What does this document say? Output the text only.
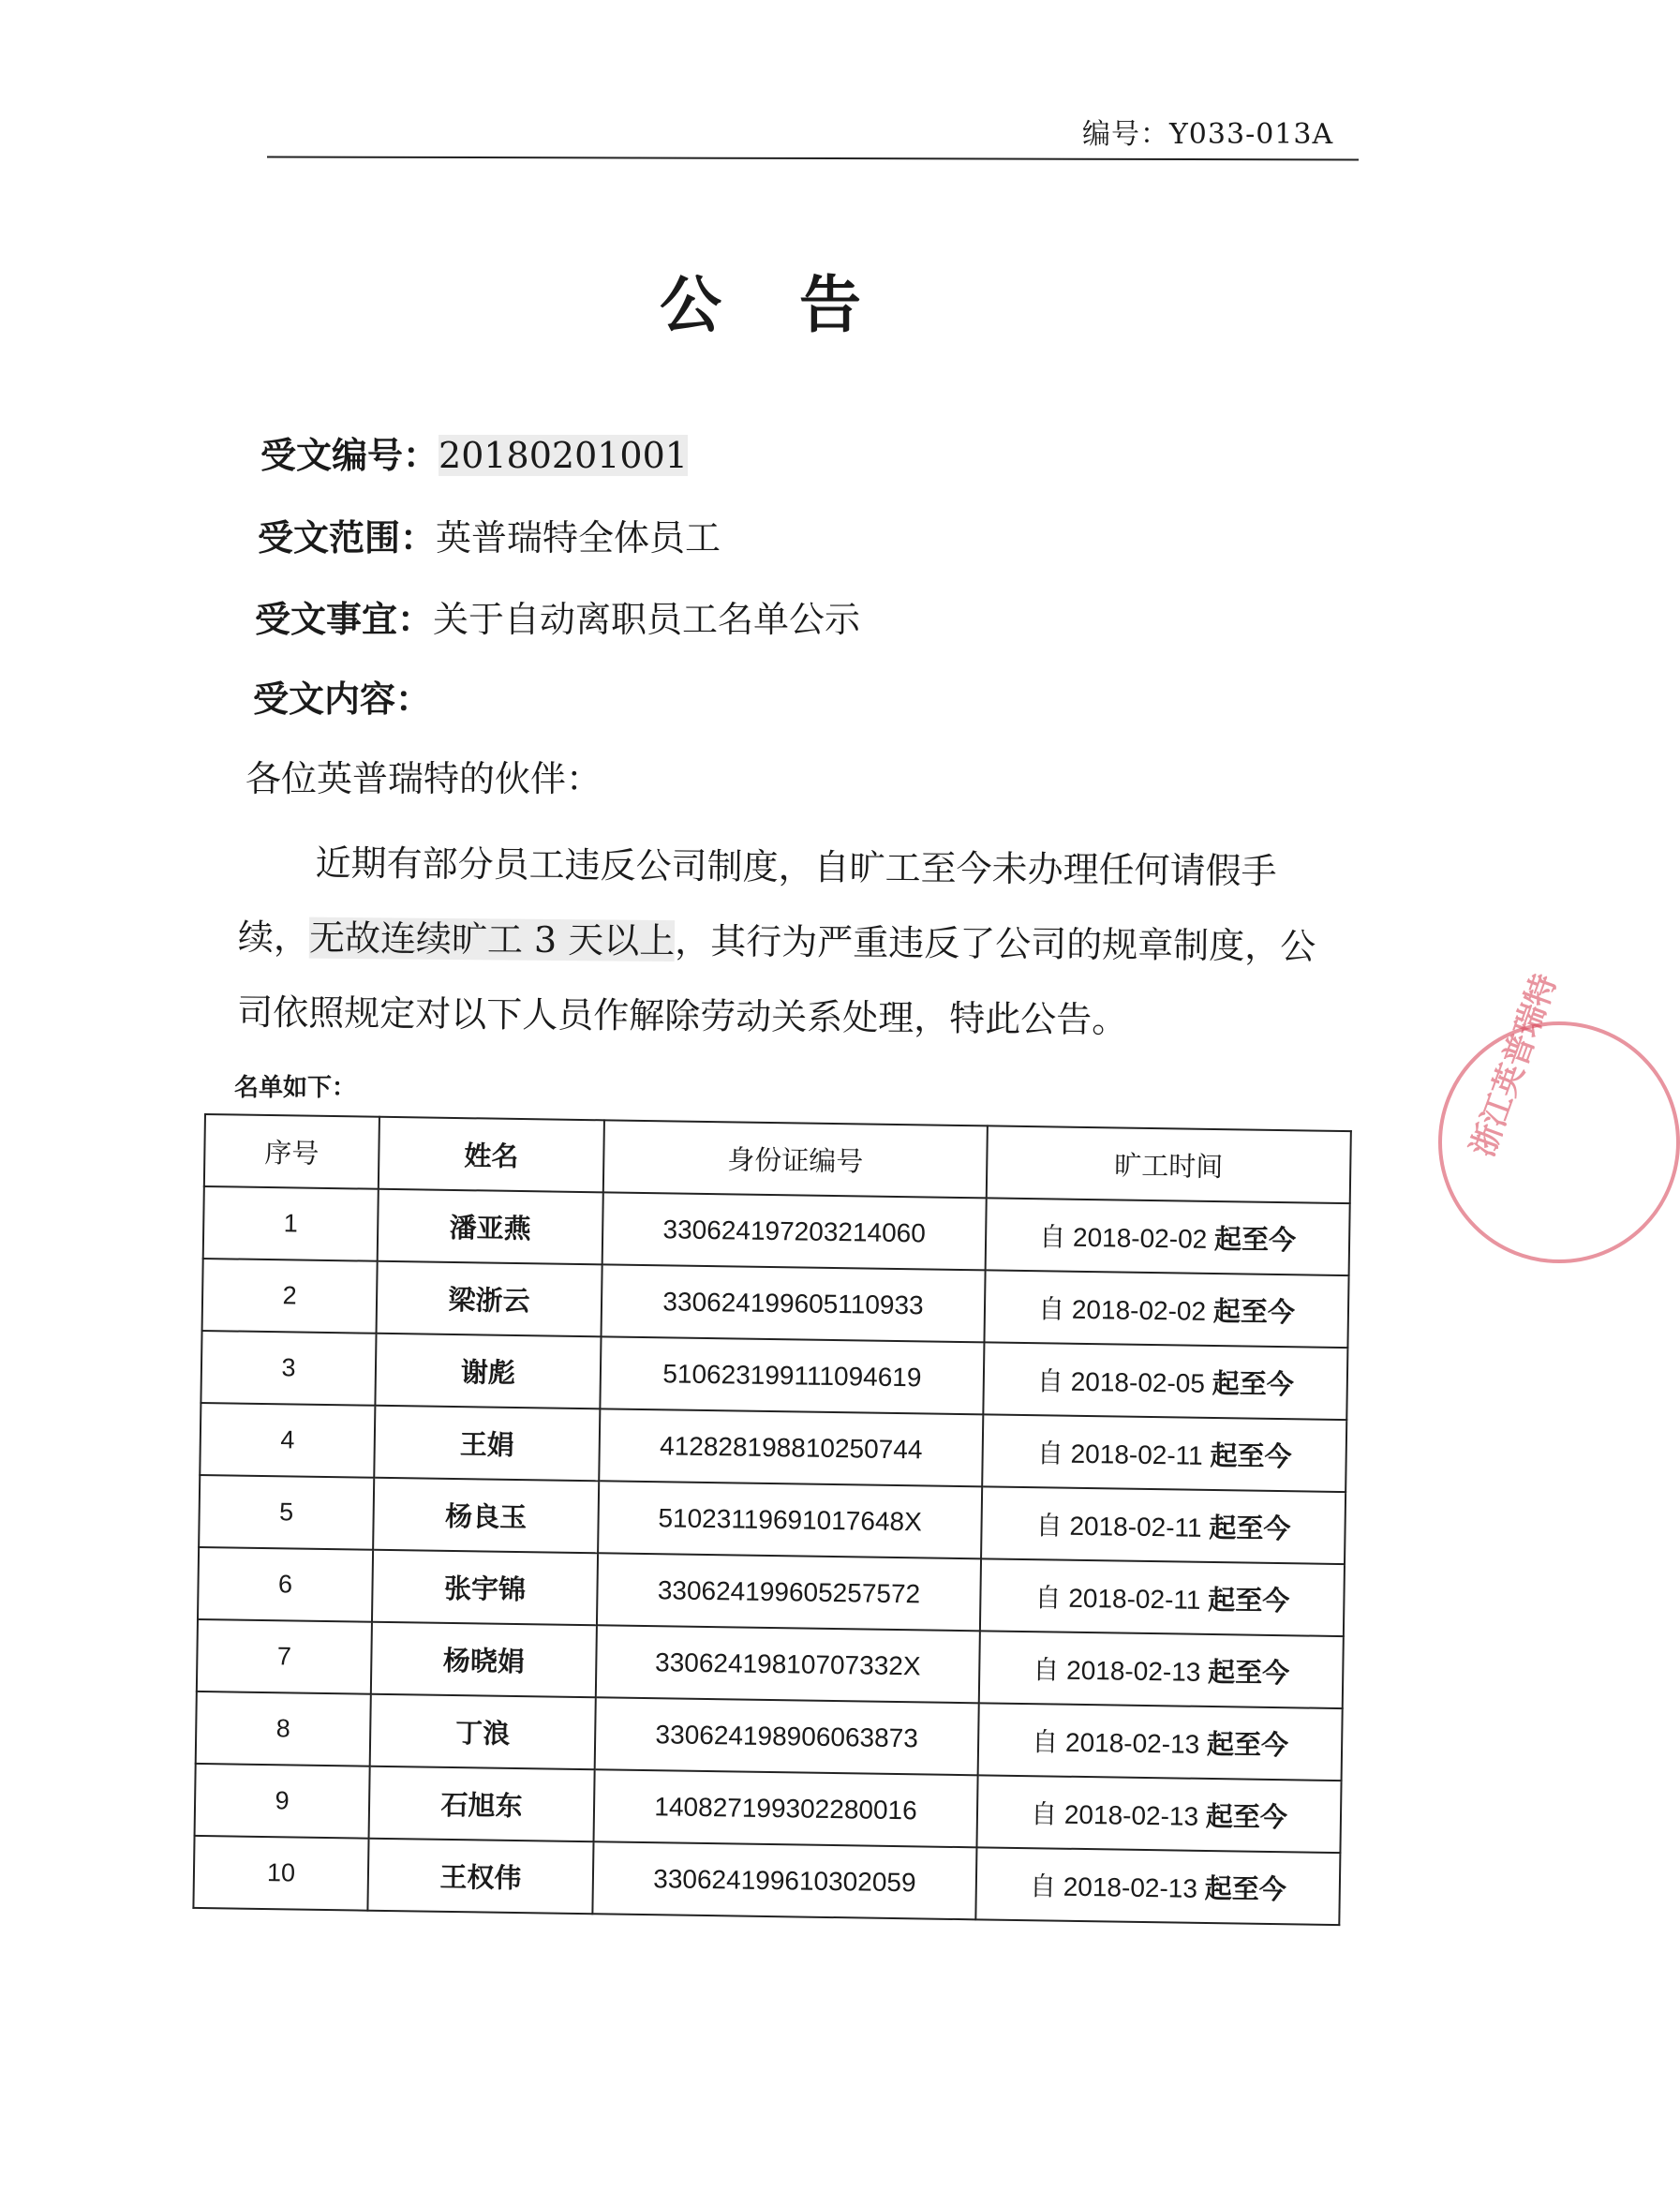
编号：Y033-013A
公 告
受文编号：20180201001
受文范围：英普瑞特全体员工
受文事宜：关于自动离职员工名单公示
受文内容：
各位英普瑞特的伙伴：
近期有部分员工违反公司制度，自旷工至今未办理任何请假手续，无故连续旷工 3 天以上，其行为严重违反了公司的规章制度，公司依照规定对以下人员作解除劳动关系处理，特此公告。
名单如下：
序号	姓名	身份证编号	旷工时间
1	潘亚燕	330624197203214060	自 2018-02-02 起至今
2	梁浙云	330624199605110933	自 2018-02-02 起至今
3	谢彪	510623199111094619	自 2018-02-05 起至今
4	王娟	412828198810250744	自 2018-02-11 起至今
5	杨良玉	51023119691017648X	自 2018-02-11 起至今
6	张宇锦	330624199605257572	自 2018-02-11 起至今
7	杨晓娟	33062419810707332X	自 2018-02-13 起至今
8	丁浪	330624198906063873	自 2018-02-13 起至今
9	石旭东	140827199302280016	自 2018-02-13 起至今
10	王权伟	330624199610302059	自 2018-02-13 起至今
浙江英普瑞特
